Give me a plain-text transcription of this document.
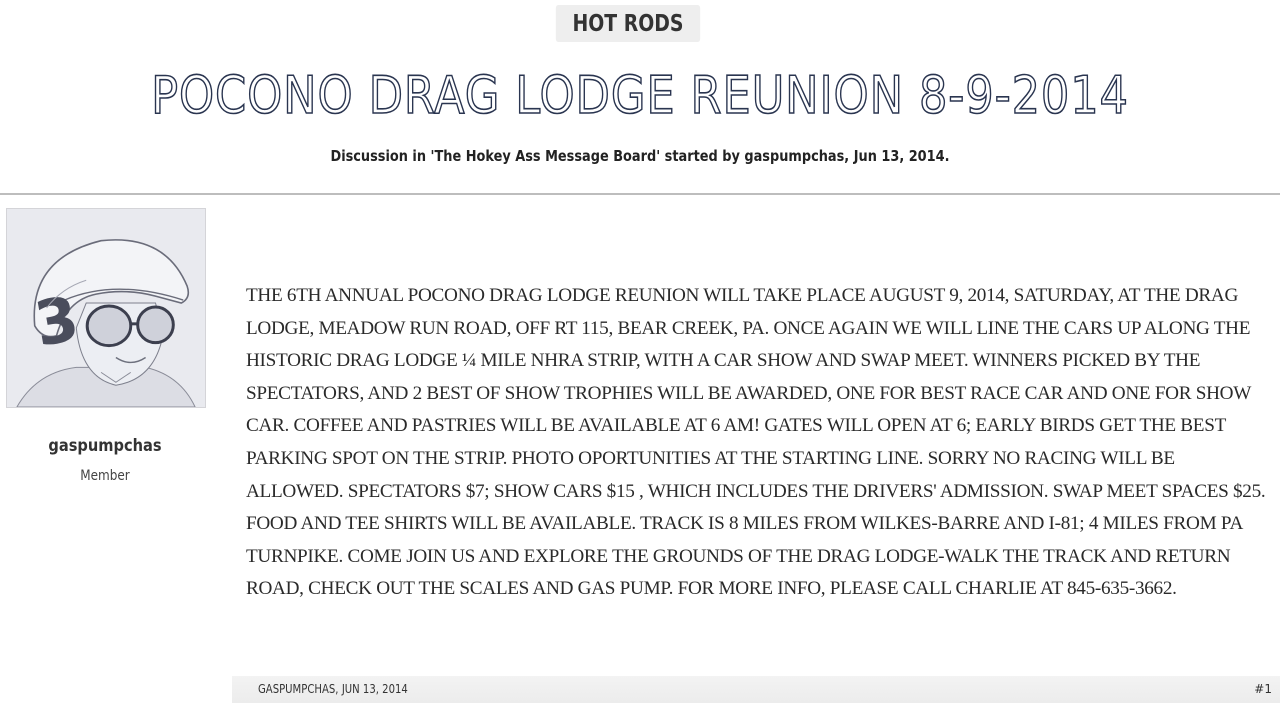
HOT RODS
POCONO DRAG LODGE REUNION 8-9-2014
Discussion in 'The Hokey Ass Message Board' started by gaspumpchas, Jun 13, 2014.
3
gaspumpchas
Member
THE 6TH ANNUAL POCONO DRAG LODGE REUNION WILL TAKE PLACE AUGUST 9, 2014, SATURDAY, AT THE DRAG LODGE, MEADOW RUN ROAD, OFF RT 115, BEAR CREEK, PA. ONCE AGAIN WE WILL LINE THE CARS UP ALONG THE HISTORIC DRAG LODGE ¼ MILE NHRA STRIP, WITH A CAR SHOW AND SWAP MEET. WINNERS PICKED BY THE SPECTATORS, AND 2 BEST OF SHOW TROPHIES WILL BE AWARDED, ONE FOR BEST RACE CAR AND ONE FOR SHOW CAR. COFFEE AND PASTRIES WILL BE AVAILABLE AT 6 AM! GATES WILL OPEN AT 6; EARLY BIRDS GET THE BEST PARKING SPOT ON THE STRIP. PHOTO OPORTUNITIES AT THE STARTING LINE. SORRY NO RACING WILL BE ALLOWED. SPECTATORS $7; SHOW CARS $15 , WHICH INCLUDES THE DRIVERS' ADMISSION. SWAP MEET SPACES $25. FOOD AND TEE SHIRTS WILL BE AVAILABLE. TRACK IS 8 MILES FROM WILKES-BARRE AND I-81; 4 MILES FROM PA TURNPIKE. COME JOIN US AND EXPLORE THE GROUNDS OF THE DRAG LODGE-WALK THE TRACK AND RETURN ROAD, CHECK OUT THE SCALES AND GAS PUMP. FOR MORE INFO, PLEASE CALL CHARLIE AT 845-635-3662.
GASPUMPCHAS, JUN 13, 2014	#1
